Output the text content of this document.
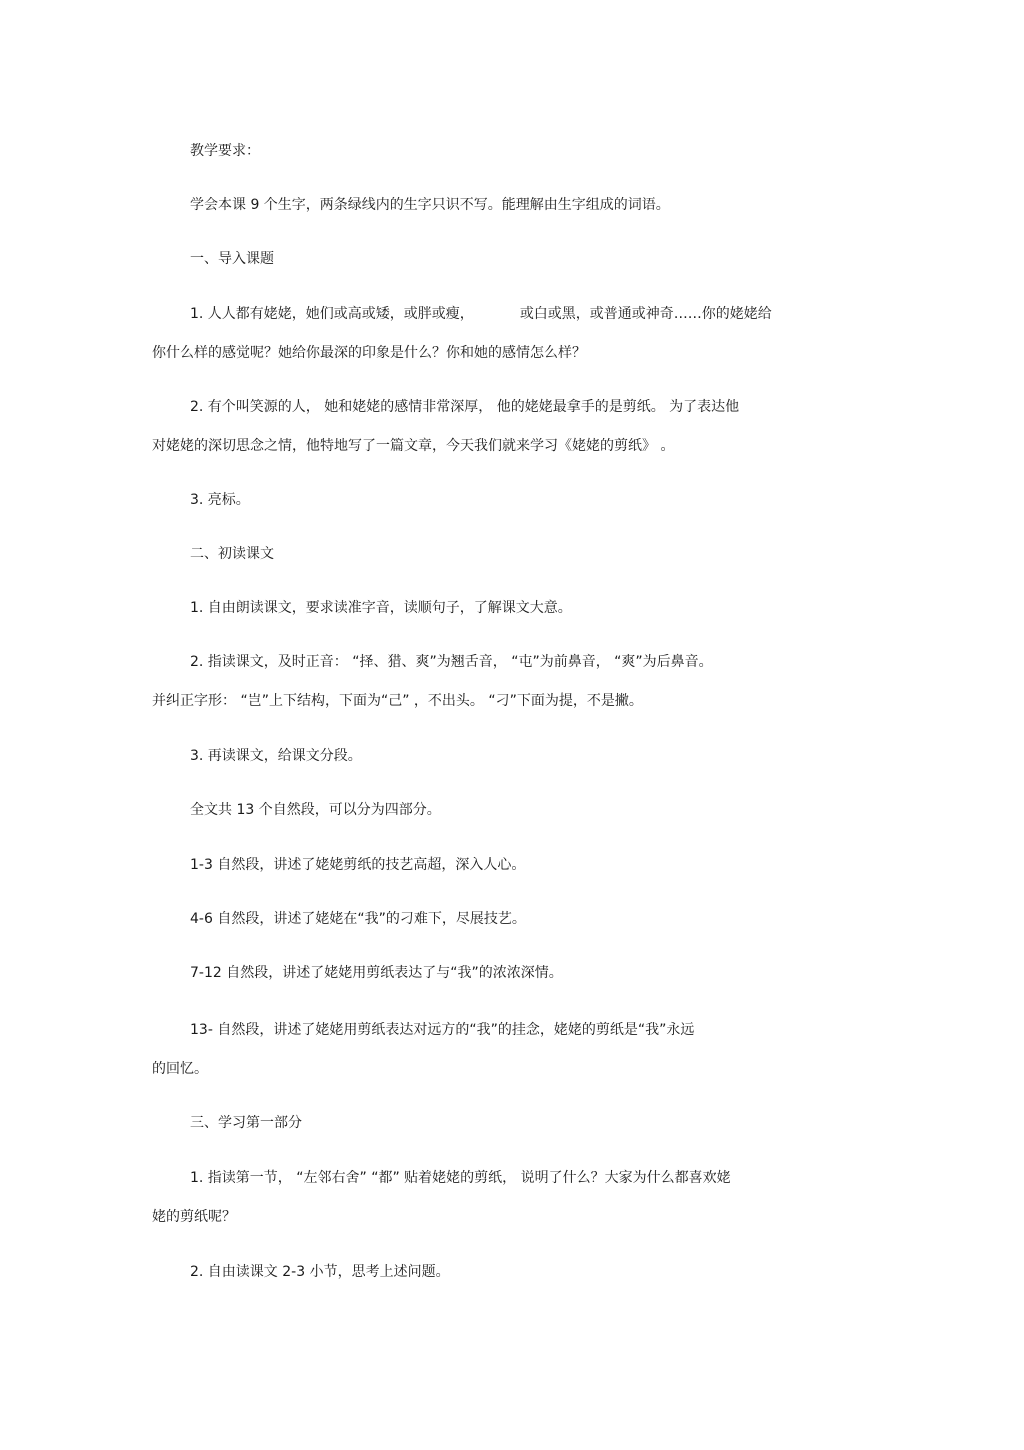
教学要求：
学会本课 9 个生字，两条绿线内的生字只识不写。能理解由生字组成的词语。
一、导入课题
1. 人人都有姥姥，她们或高或矮，或胖或瘦，	或白或黑，或普通或神奇……你的姥姥给
你什么样的感觉呢？她给你最深的印象是什么？你和她的感情怎么样？
2. 有个叫笑源的人， 她和姥姥的感情非常深厚， 他的姥姥最拿手的是剪纸。 为了表达他
对姥姥的深切思念之情，他特地写了一篇文章，今天我们就来学习《姥姥的剪纸》 。
3. 亮标。
二、初读课文
1. 自由朗读课文，要求读准字音，读顺句子，了解课文大意。
2. 指读课文，及时正音： “择、猎、爽”为翘舌音， “屯”为前鼻音， “爽”为后鼻音。
并纠正字形： “岂”上下结构，下面为“己” ，不出头。 “刁”下面为提，不是撇。
3. 再读课文，给课文分段。
全文共 13 个自然段，可以分为四部分。
1-3 自然段，讲述了姥姥剪纸的技艺高超，深入人心。
4-6 自然段，讲述了姥姥在“我”的刁难下，尽展技艺。
7-12 自然段，讲述了姥姥用剪纸表达了与“我”的浓浓深情。
13- 自然段，讲述了姥姥用剪纸表达对远方的“我”的挂念，姥姥的剪纸是“我”永远
的回忆。
三、学习第一部分
1. 指读第一节， “左邻右舍” “都” 贴着姥姥的剪纸， 说明了什么？大家为什么都喜欢姥
姥的剪纸呢？
2. 自由读课文 2-3 小节，思考上述问题。
